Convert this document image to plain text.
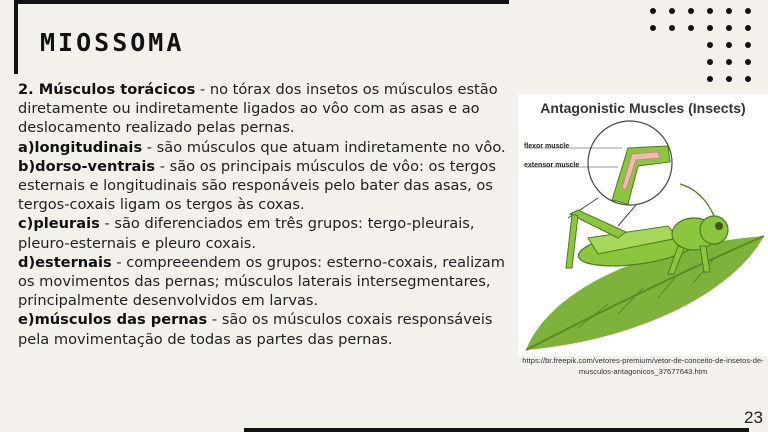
MIOSSOMA

2. Músculos torácicos - no tórax dos insetos os músculos estão diretamente ou indiretamente ligados ao vôo com as asas e ao deslocamento realizado pelas pernas.

a)longitudinais - são músculos que atuam indiretamente no vôo.

b)dorso-ventrais - são os principais músculos de vôo: os tergos esternais e longitudinais são responáveis pelo bater das asas, os tergos-coxais ligam os tergos às coxas.

c)pleurais - são diferenciados em três grupos: tergo-pleurais, pleuro-esternais e pleuro coxais.

d)esternais - compreeendem os grupos: esterno-coxais, realizam os movimentos das pernas; músculos laterais intersegmentares, principalmente desenvolvidos em larvas.

e)músculos das pernas - são os músculos coxais responsáveis pela movimentação de todas as partes das pernas.

Antagonistic Muscles (Insects)
flexor muscle
extensor muscle
https://br.freepik.com/vetores-premium/vetor-de-conceito-de-insetos-de-musculos-antagonicos_37677643.htm
23
